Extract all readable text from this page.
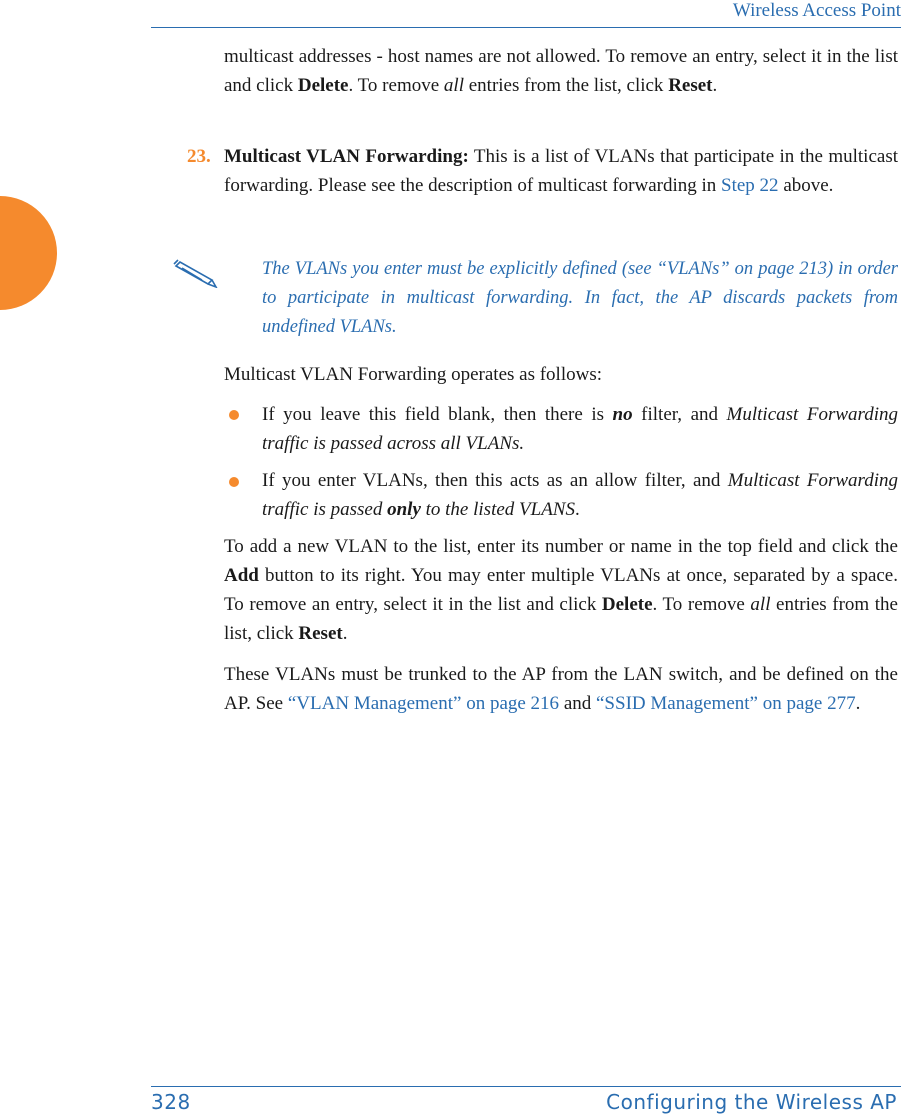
Wireless Access Point

multicast addresses - host names are not allowed. To remove an entry, select it in the list and click Delete. To remove all entries from the list, click Reset.

23. Multicast VLAN Forwarding: This is a list of VLANs that participate in the multicast forwarding. Please see the description of multicast forwarding in Step 22 above.

The VLANs you enter must be explicitly defined (see “VLANs” on page 213) in order to participate in multicast forwarding. In fact, the AP discards packets from undefined VLANs.

Multicast VLAN Forwarding operates as follows:

If you leave this field blank, then there is no filter, and Multicast Forwarding traffic is passed across all VLANs.
If you enter VLANs, then this acts as an allow filter, and Multicast Forwarding traffic is passed only to the listed VLANS.

To add a new VLAN to the list, enter its number or name in the top field and click the Add button to its right. You may enter multiple VLANs at once, separated by a space. To remove an entry, select it in the list and click Delete. To remove all entries from the list, click Reset.

These VLANs must be trunked to the AP from the LAN switch, and be defined on the AP. See “VLAN Management” on page 216 and “SSID Management” on page 277.

328	Configuring the Wireless AP
